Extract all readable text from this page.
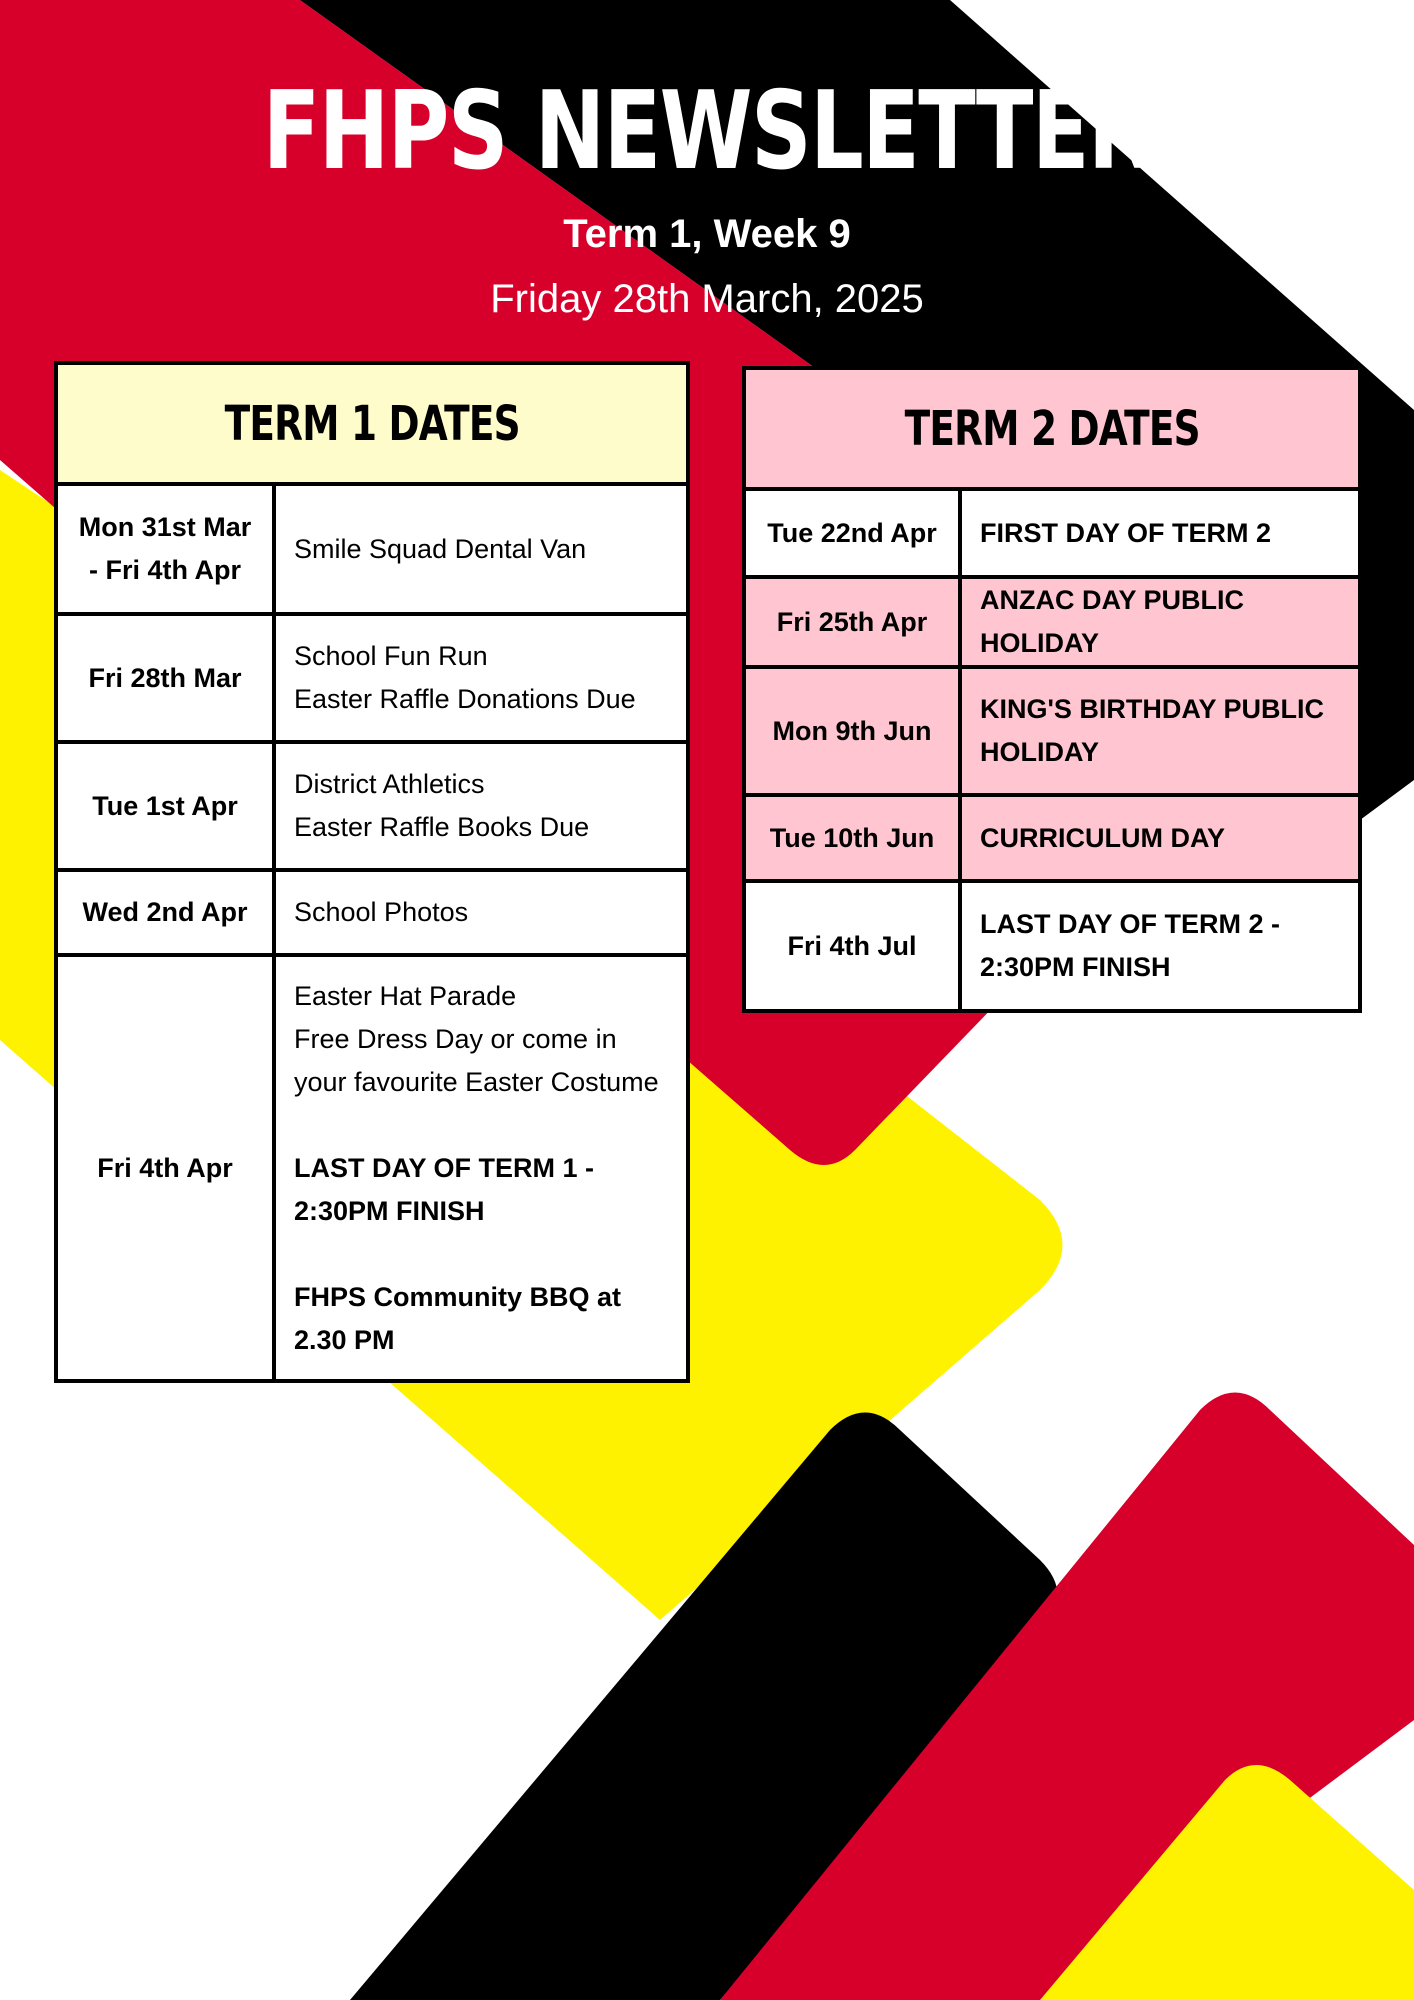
FHPS NEWSLETTER
Term 1, Week 9
Friday 28th March, 2025
TERM 1 DATES
Mon 31st Mar - Fri 4th Apr	Smile Squad Dental Van

Fri 28th Mar	School Fun Run
Easter Raffle Donations Due

Tue 1st Apr	District Athletics
Easter Raffle Books Due

Wed 2nd Apr	School Photos

Fri 4th Apr	Easter Hat Parade
Free Dress Day or come in your favourite Easter Costume
LAST DAY OF TERM 1 - 2:30PM FINISH
FHPS Community BBQ at 2.30 PM
TERM 2 DATES
Tue 22nd Apr	FIRST DAY OF TERM 2
Fri 25th Apr	ANZAC DAY PUBLIC HOLIDAY
Mon 9th Jun	KING'S BIRTHDAY PUBLIC HOLIDAY
Tue 10th Jun	CURRICULUM DAY
Fri 4th Jul	LAST DAY OF TERM 2 - 2:30PM FINISH
